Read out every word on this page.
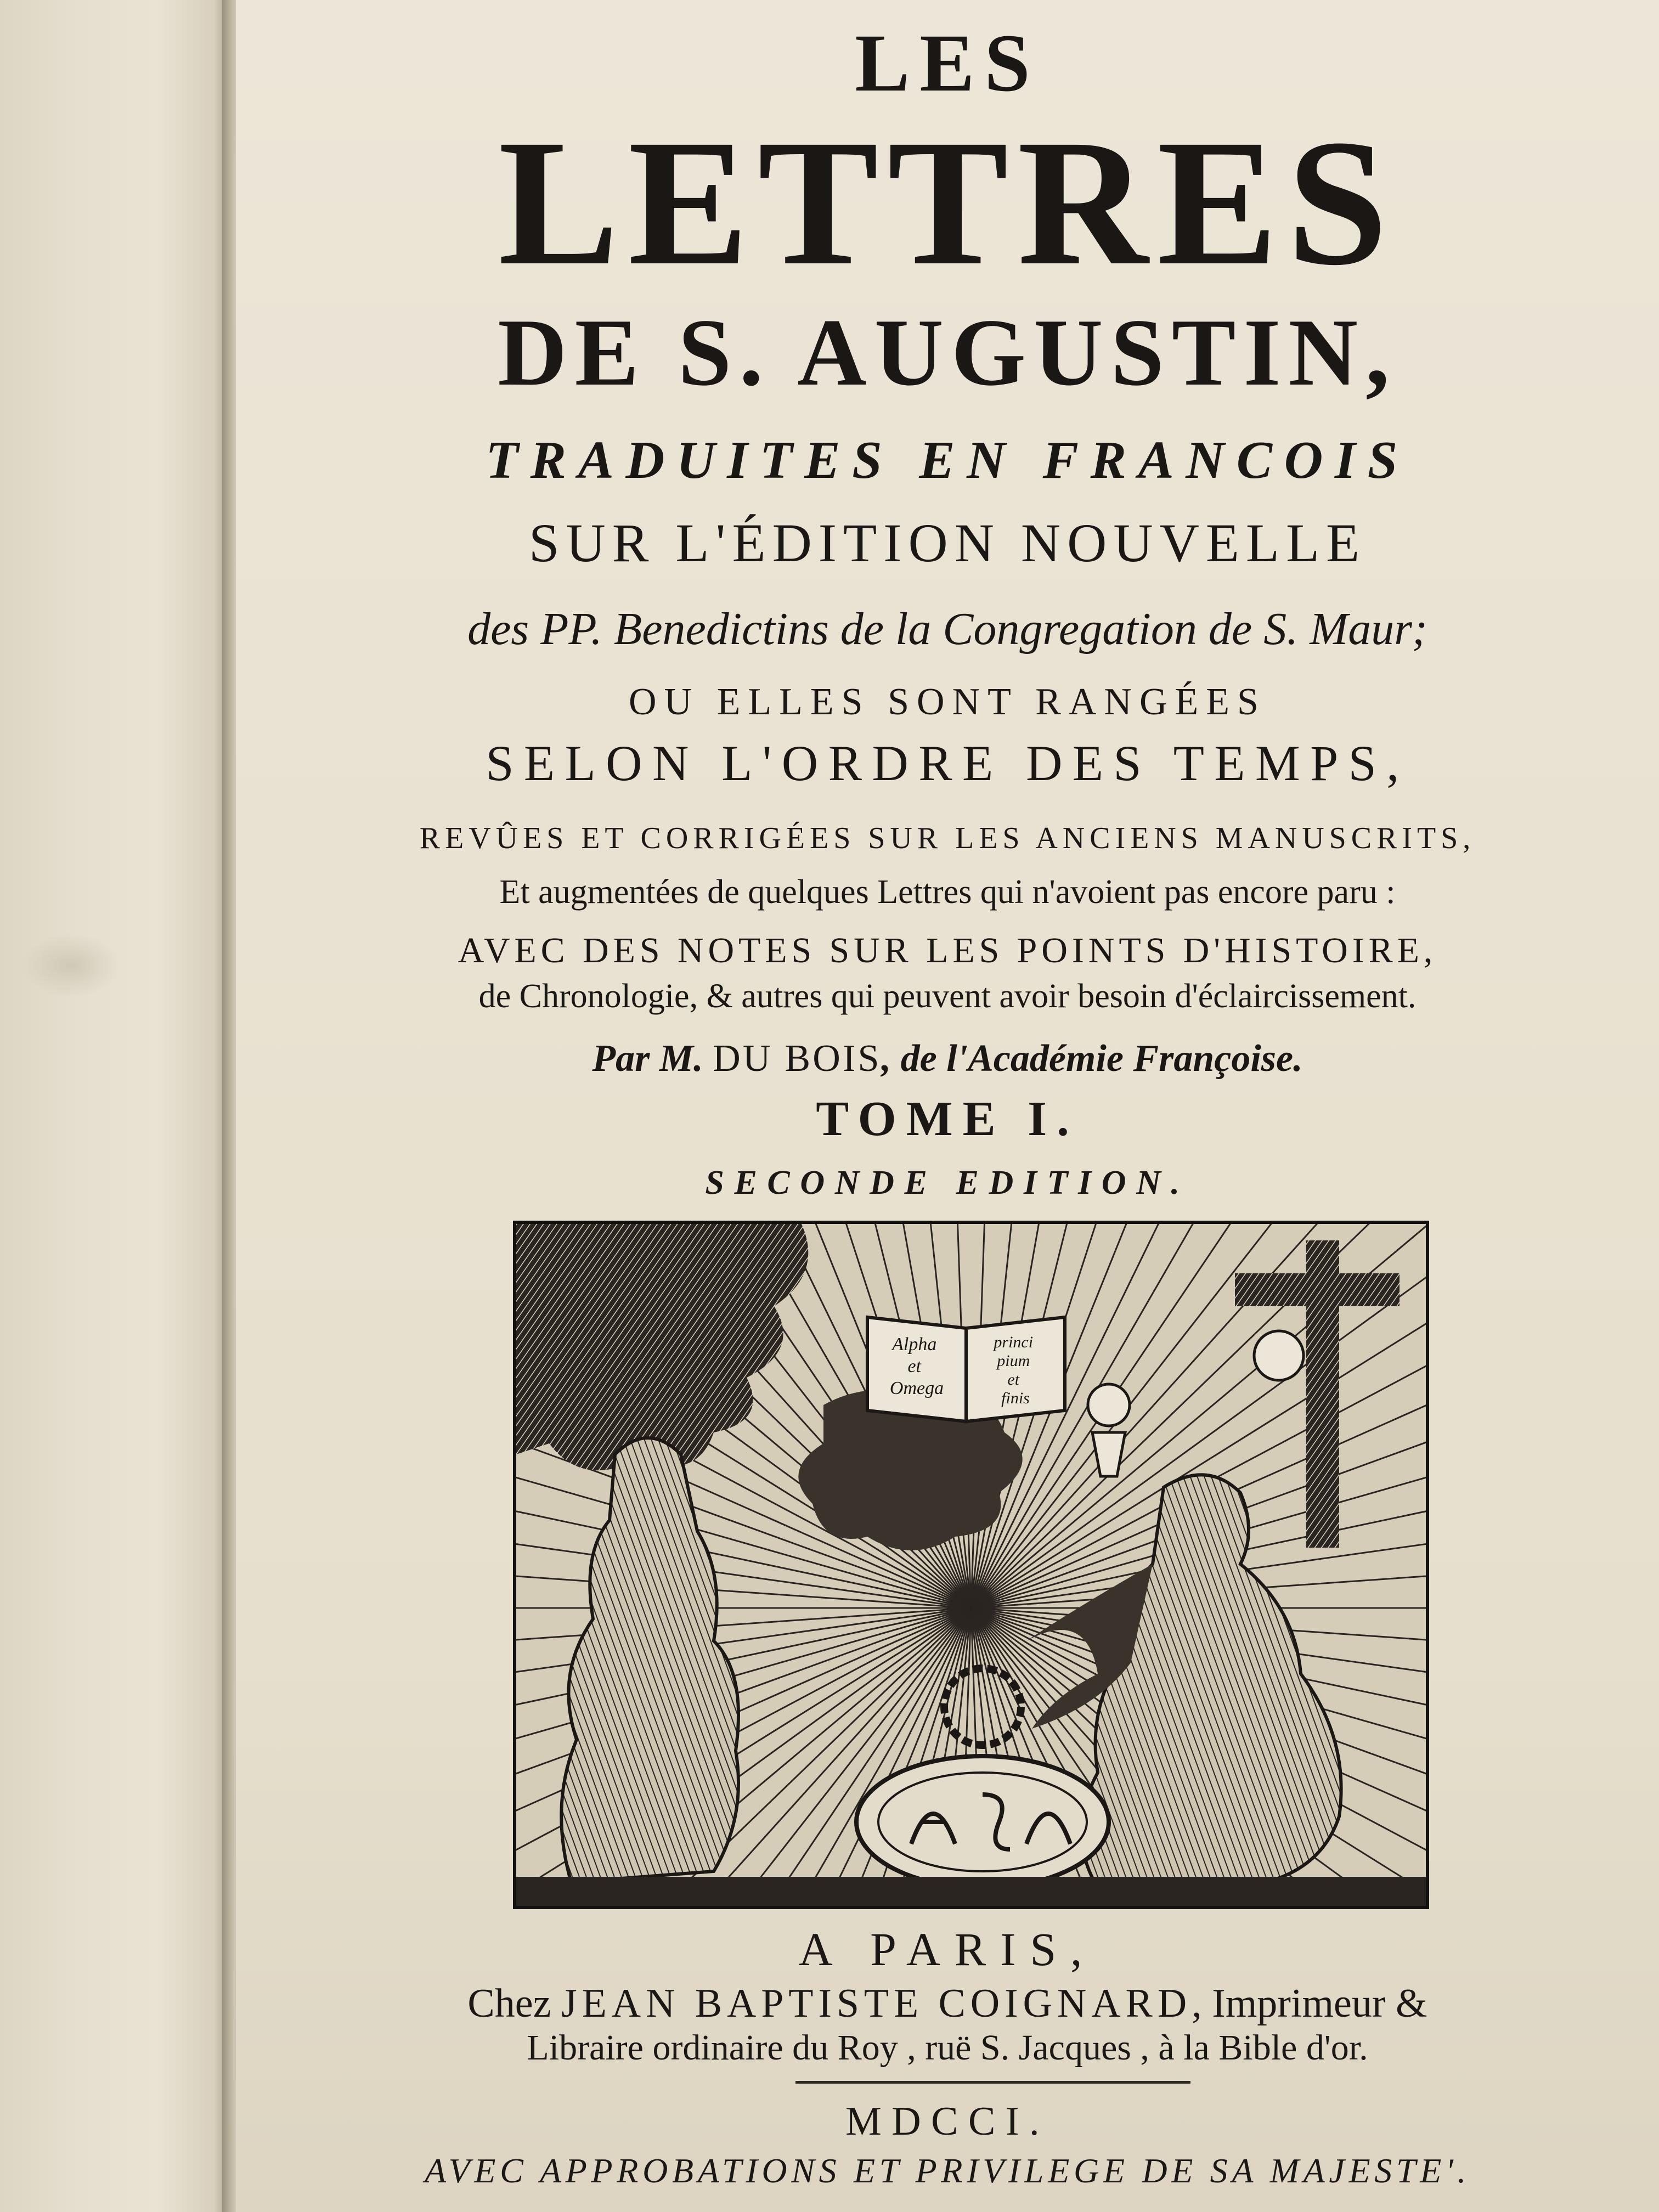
LES
LETTRES
DE S. AUGUSTIN,
TRADUITES EN FRANCOIS
SUR L'ÉDITION NOUVELLE
des PP. Benedictins de la Congregation de S. Maur;
OU ELLES SONT RANGÉES
SELON L'ORDRE DES TEMPS,
REVÛES ET CORRIGÉES SUR LES ANCIENS MANUSCRITS,
Et augmentées de quelques Lettres qui n'avoient pas encore paru :
AVEC DES NOTES SUR LES POINTS D'HISTOIRE,
de Chronologie, & autres qui peuvent avoir besoin d'éclaircissement.
Par M. DU BOIS, de l'Académie Françoise.
TOME I.
SECONDE EDITION.
Alpha et Omega
princi pium et finis
A PARIS,
Chez JEAN BAPTISTE COIGNARD, Imprimeur &
Libraire ordinaire du Roy , ruë S. Jacques , à la Bible d'or.
MDCCI.
AVEC APPROBATIONS ET PRIVILEGE DE SA MAJESTE'.
